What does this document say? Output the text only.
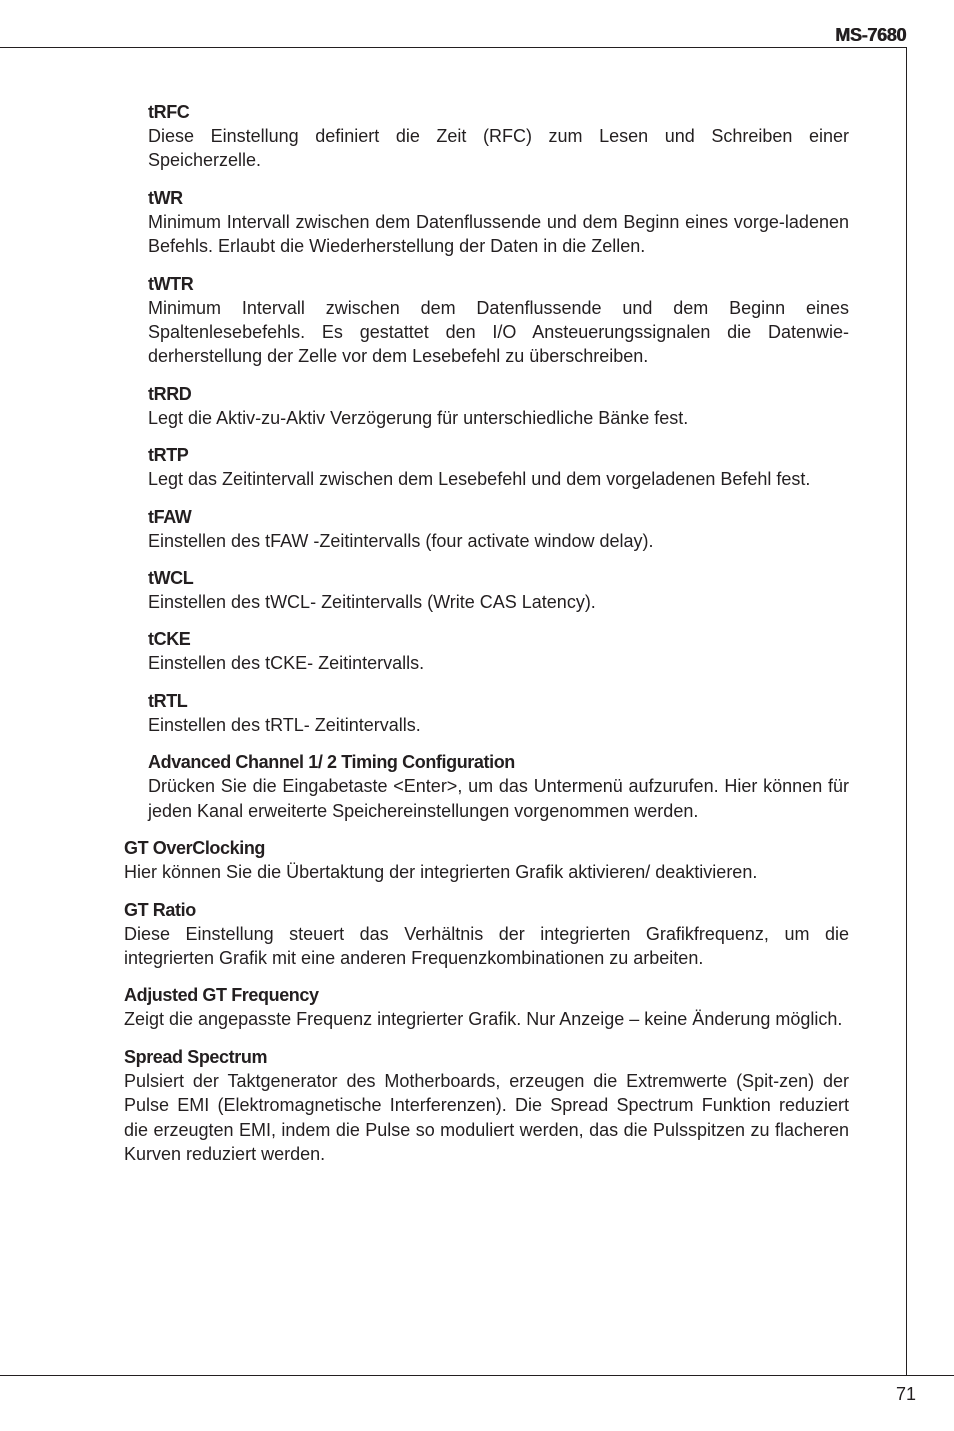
MS-7680
tRFC

Diese Einstellung definiert die Zeit (RFC) zum Lesen und Schreiben einer Speicherzelle.

tWR

Minimum Intervall zwischen dem Datenflussende und dem Beginn eines vorge-ladenen Befehls. Erlaubt die Wiederherstellung der Daten in die Zellen.

tWTR

Minimum Intervall zwischen dem Datenflussende und dem Beginn eines Spaltenlesebefehls. Es gestattet den I/O Ansteuerungssignalen die Datenwie-derherstellung der Zelle vor dem Lesebefehl zu überschreiben.

tRRD

Legt die Aktiv-zu-Aktiv Verzögerung für unterschiedliche Bänke fest.

tRTP

Legt das Zeitintervall zwischen dem Lesebefehl und dem vorgeladenen Befehl fest.

tFAW

Einstellen des tFAW -Zeitintervalls (four activate window delay).

tWCL

Einstellen des tWCL- Zeitintervalls (Write CAS Latency).

tCKE

Einstellen des tCKE- Zeitintervalls.

tRTL

Einstellen des tRTL- Zeitintervalls.

Advanced Channel 1/ 2 Timing Configuration

Drücken Sie die Eingabetaste <Enter>, um das Untermenü aufzurufen. Hier können für jeden Kanal erweiterte Speichereinstellungen vorgenommen werden.

GT OverClocking

Hier können Sie die Übertaktung der integrierten Grafik aktivieren/ deaktivieren.

GT Ratio

Diese Einstellung steuert das Verhältnis der integrierten Grafikfrequenz, um die integrierten Grafik mit eine anderen Frequenzkombinationen zu arbeiten.

Adjusted GT Frequency

Zeigt die angepasste Frequenz integrierter Grafik. Nur Anzeige – keine Änderung möglich.

Spread Spectrum

Pulsiert der Taktgenerator des Motherboards, erzeugen die Extremwerte (Spit-zen) der Pulse EMI (Elektromagnetische Interferenzen). Die Spread Spectrum Funktion reduziert die erzeugten EMI, indem die Pulse so moduliert werden, das die Pulsspitzen zu flacheren Kurven reduziert werden.

71
